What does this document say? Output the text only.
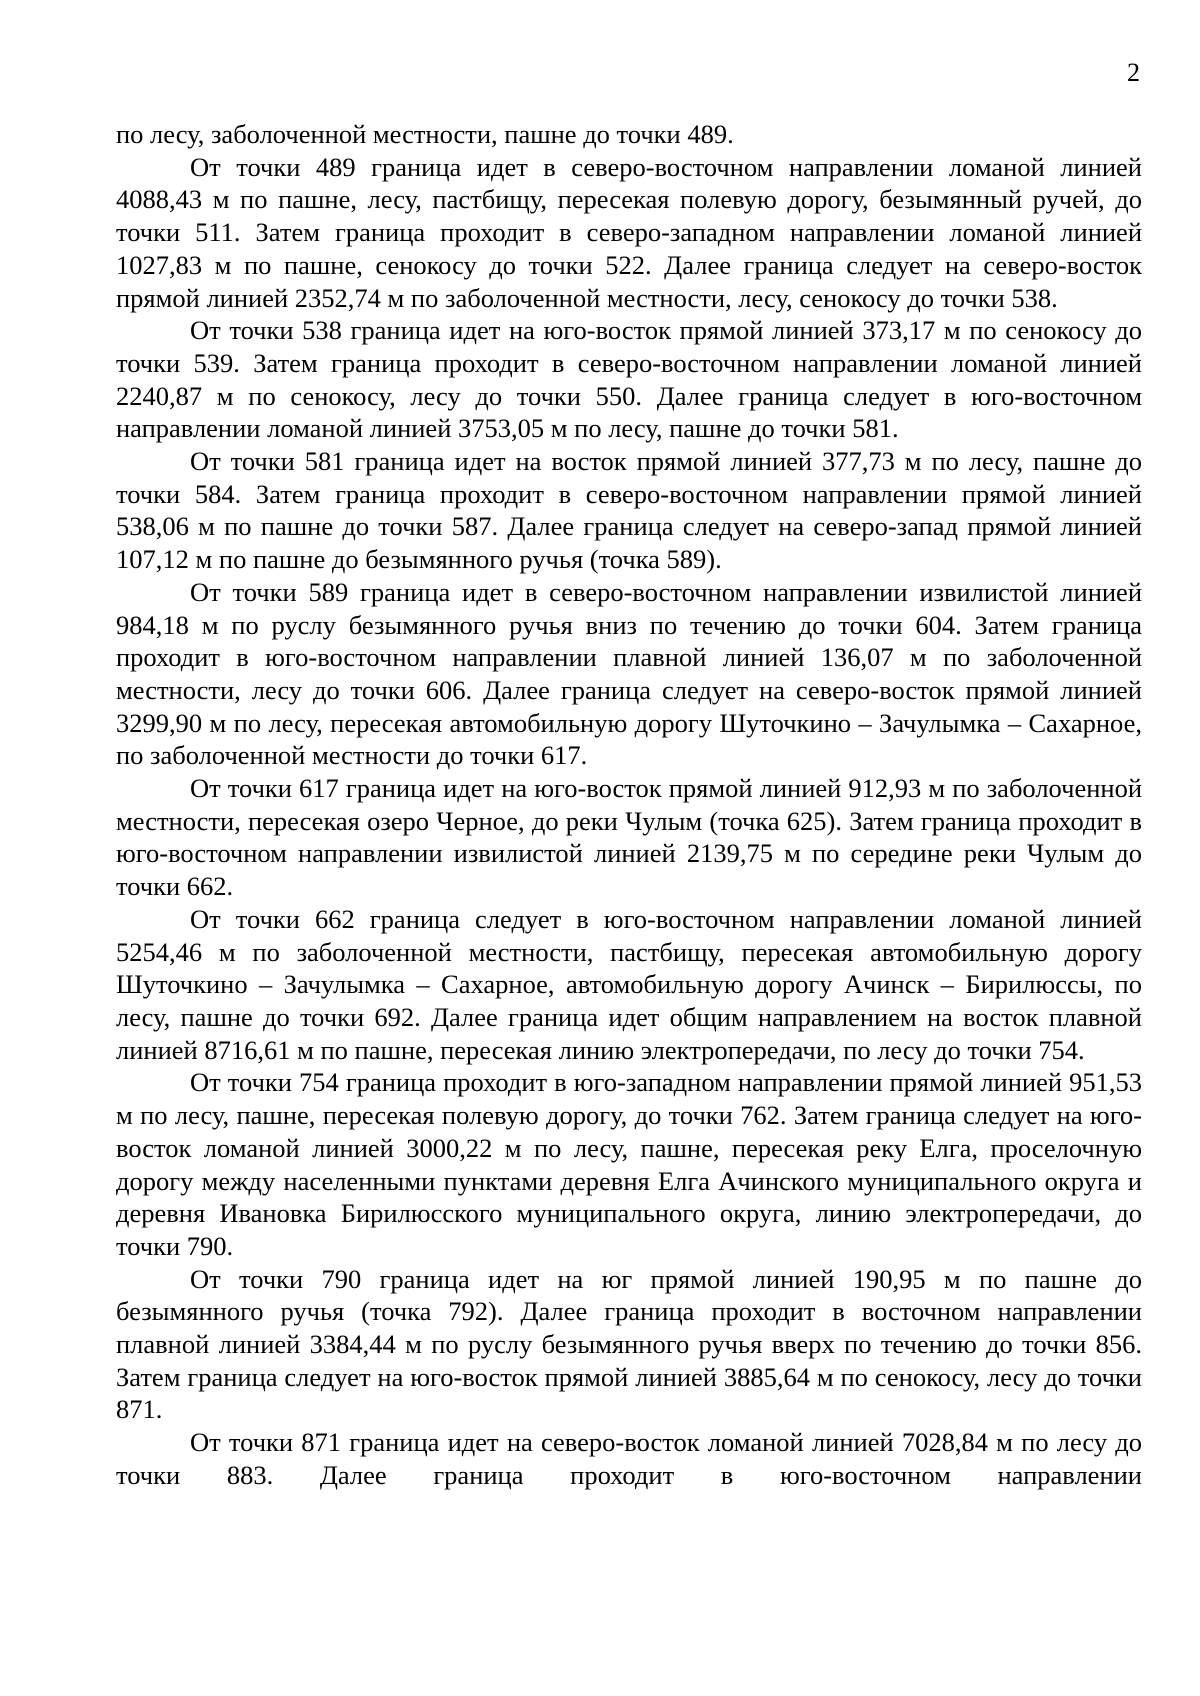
2

по лесу, заболоченной местности, пашне до точки 489.

От точки 489 граница идет в северо-восточном направлении ломаной линией 4088,43 м по пашне, лесу, пастбищу, пересекая полевую дорогу, безымянный ручей, до точки 511. Затем граница проходит в северо-западном направлении ломаной линией 1027,83 м по пашне, сенокосу до точки 522. Далее граница следует на северо-восток прямой линией 2352,74 м по заболоченной местности, лесу, сенокосу до точки 538.

От точки 538 граница идет на юго-восток прямой линией 373,17 м по сенокосу до точки 539. Затем граница проходит в северо-восточном направлении ломаной линией 2240,87 м по сенокосу, лесу до точки 550. Далее граница следует в юго-восточном направлении ломаной линией 3753,05 м по лесу, пашне до точки 581.

От точки 581 граница идет на восток прямой линией 377,73 м по лесу, пашне до точки 584. Затем граница проходит в северо-восточном направлении прямой линией 538,06 м по пашне до точки 587. Далее граница следует на северо-запад прямой линией 107,12 м по пашне до безымянного ручья (точка 589).

От точки 589 граница идет в северо-восточном направлении извилистой линией 984,18 м по руслу безымянного ручья вниз по течению до точки 604. Затем граница проходит в юго-восточном направлении плавной линией 136,07 м по заболоченной местности, лесу до точки 606. Далее граница следует на северо-восток прямой линией 3299,90 м по лесу, пересекая автомобильную дорогу Шуточкино – Зачулымка – Сахарное, по заболоченной местности до точки 617.

От точки 617 граница идет на юго-восток прямой линией 912,93 м по заболоченной местности, пересекая озеро Черное, до реки Чулым (точка 625). Затем граница проходит в юго-восточном направлении извилистой линией 2139,75 м по середине реки Чулым до точки 662.

От точки 662 граница следует в юго-восточном направлении ломаной линией 5254,46 м по заболоченной местности, пастбищу, пересекая автомобильную дорогу Шуточкино – Зачулымка – Сахарное, автомобильную дорогу Ачинск – Бирилюссы, по лесу, пашне до точки 692. Далее граница идет общим направлением на восток плавной линией 8716,61 м по пашне, пересекая линию электропередачи, по лесу до точки 754.

От точки 754 граница проходит в юго-западном направлении прямой линией 951,53 м по лесу, пашне, пересекая полевую дорогу, до точки 762. Затем граница следует на юго-восток ломаной линией 3000,22 м по лесу, пашне, пересекая реку Елга, проселочную дорогу между населенными пунктами деревня Елга Ачинского муниципального округа и деревня Ивановка Бирилюсского муниципального округа, линию электропередачи, до точки 790.

От точки 790 граница идет на юг прямой линией 190,95 м по пашне до безымянного ручья (точка 792). Далее граница проходит в восточном направлении плавной линией 3384,44 м по руслу безымянного ручья вверх по течению до точки 856. Затем граница следует на юго-восток прямой линией 3885,64 м по сенокосу, лесу до точки 871.

От точки 871 граница идет на северо-восток ломаной линией 7028,84 м по лесу до точки 883. Далее граница проходит в юго-восточном направлении
